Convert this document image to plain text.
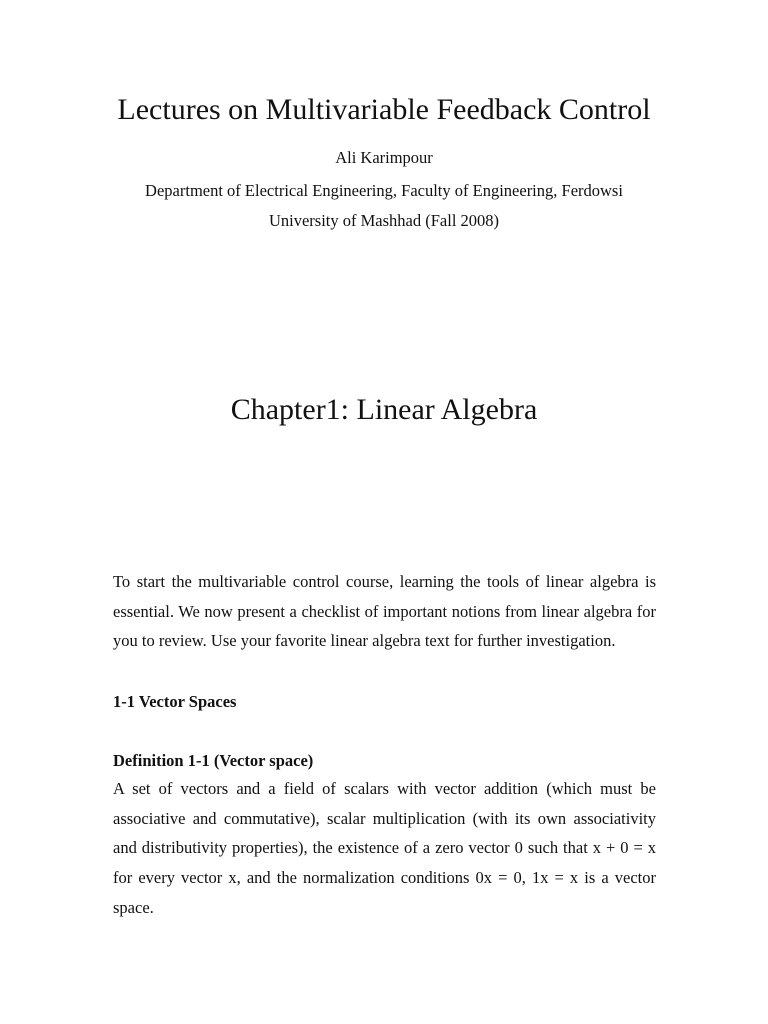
Lectures on Multivariable Feedback Control

Ali Karimpour

Department of Electrical Engineering, Faculty of Engineering, Ferdowsi

University of Mashhad (Fall 2008)

Chapter1: Linear Algebra

To start the multivariable control course, learning the tools of linear algebra is essential. We now present a checklist of important notions from linear algebra for you to review. Use your favorite linear algebra text for further investigation.

1-1 Vector Spaces
Definition 1-1 (Vector space)

A set of vectors and a field of scalars with vector addition (which must be associative and commutative), scalar multiplication (with its own associativity and distributivity properties), the existence of a zero vector 0 such that x + 0 = x for every vector x, and the normalization conditions 0x = 0, 1x = x is a vector space.
